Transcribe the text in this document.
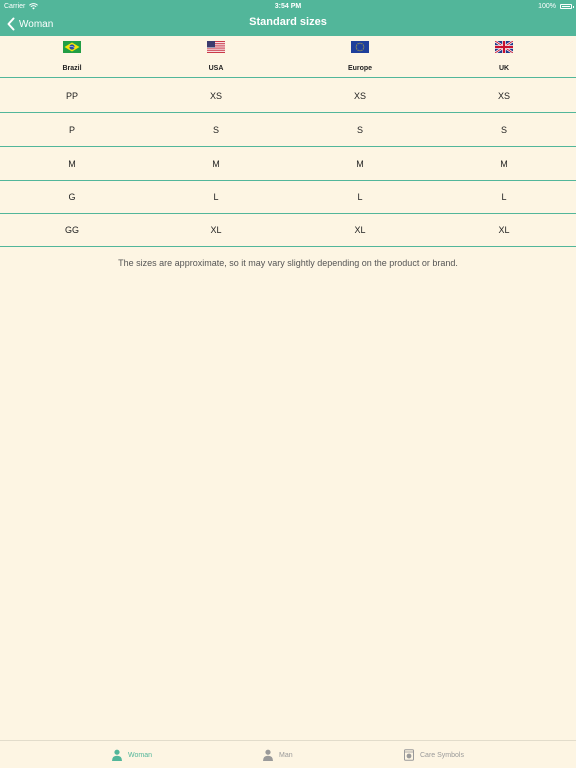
Carrier	3:54 PM	100%
Woman	Standard sizes
Brazil	USA	Europe	UK
PP	XS	XS	XS
P	S	S	S
M	M	M	M
G	L	L	L
GG	XL	XL	XL
The sizes are approximate, so it may vary slightly depending on the product or brand.
Woman	Man	Care Symbols
